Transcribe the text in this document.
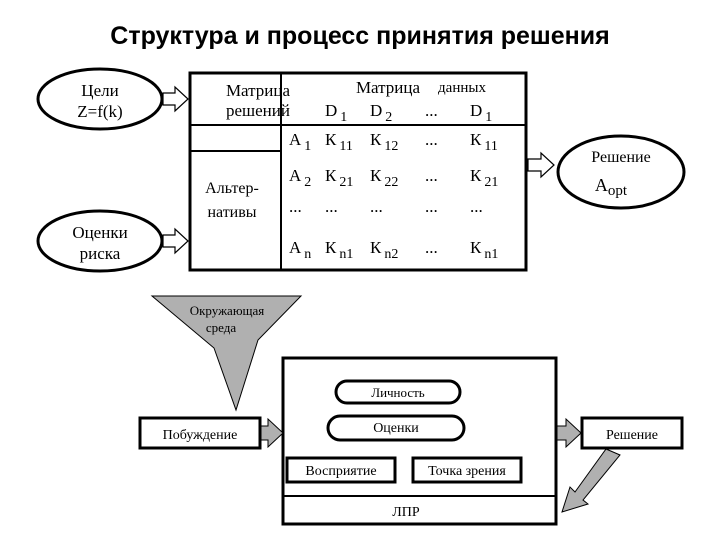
Структура и процесс принятия решения
Цели
Z=f(k)
Оценки
риска
Матрица
решений
Матрица данных
Альтер-
нативы
D $_1$ D $_2$ ... D $_1$
А $_1$ К $_{11}$ К $_{12}$ ... К $_{11}$
А $_2$ К $_{21}$ К $_{22}$ ... К $_{21}$
... ... ... ... ...
А $_n$ К $_{n1}$ К $_{n2}$ ... К $_{n1}$
Решение
$A_{opt}$
Окружающая
среда
ЛПР
Личность
Оценки
Восприятие	Точка зрения
Побуждение	Решение
